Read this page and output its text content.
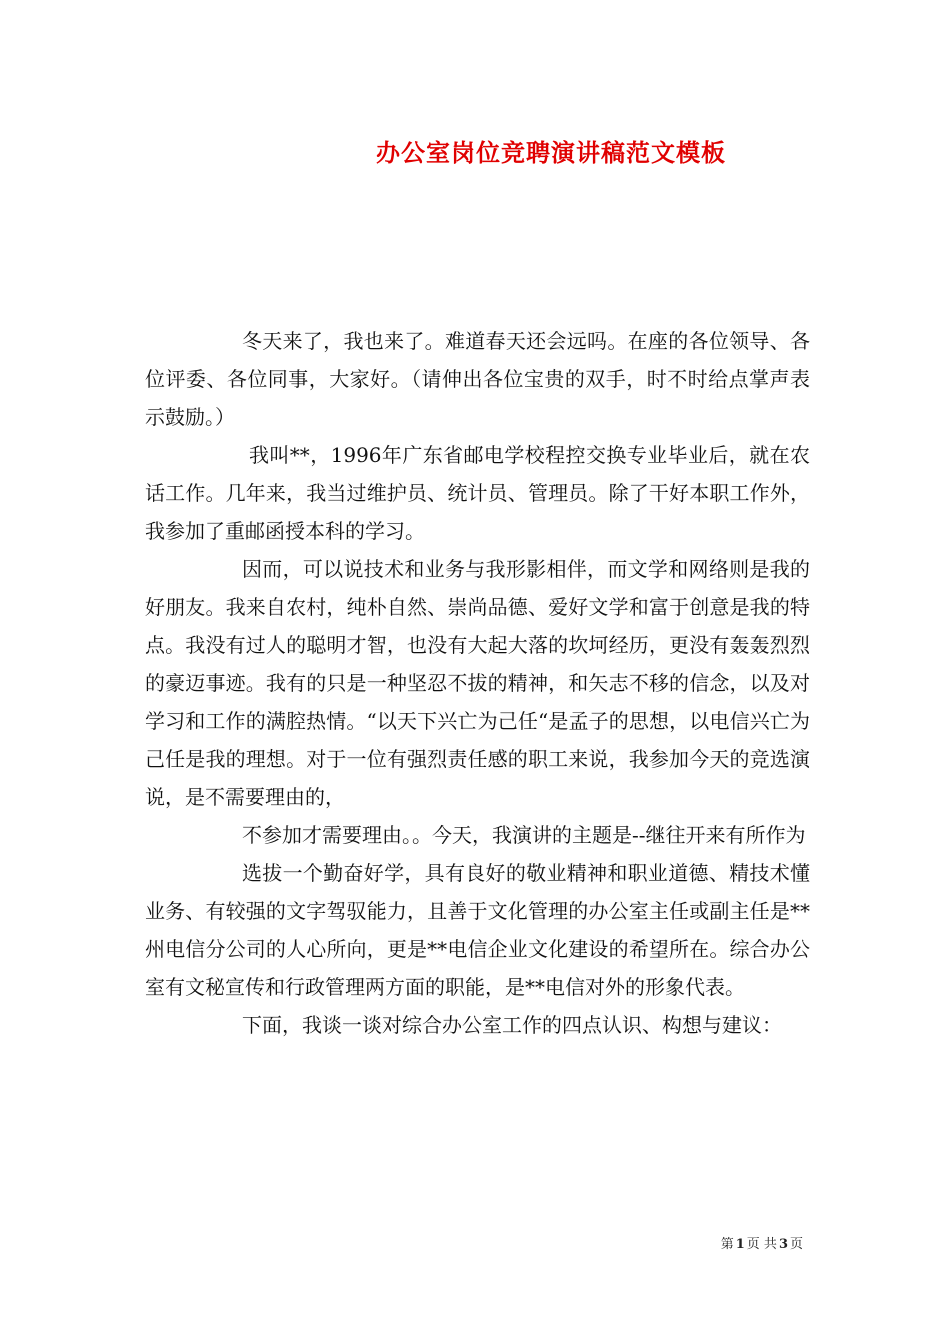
办公室岗位竞聘演讲稿范文模板

冬天来了，我也来了。难道春天还会远吗。在座的各位领导、各位评委、各位同事，大家好。（请伸出各位宝贵的双手，时不时给点掌声表示鼓励。）

我叫**，1996年广东省邮电学校程控交换专业毕业后，就在农话工作。几年来，我当过维护员、统计员、管理员。除了干好本职工作外，我参加了重邮函授本科的学习。

因而，可以说技术和业务与我形影相伴，而文学和网络则是我的好朋友。我来自农村，纯朴自然、崇尚品德、爱好文学和富于创意是我的特点。我没有过人的聪明才智，也没有大起大落的坎坷经历，更没有轰轰烈烈的豪迈事迹。我有的只是一种坚忍不拔的精神，和矢志不移的信念，以及对学习和工作的满腔热情。“以天下兴亡为己任“是孟子的思想，以电信兴亡为己任是我的理想。对于一位有强烈责任感的职工来说，我参加今天的竞选演说，是不需要理由的，

不参加才需要理由。。今天，我演讲的主题是--继往开来有所作为

选拔一个勤奋好学，具有良好的敬业精神和职业道德、精技术懂业务、有较强的文字驾驭能力，且善于文化管理的办公室主任或副主任是**州电信分公司的人心所向，更是**电信企业文化建设的希望所在。综合办公室有文秘宣传和行政管理两方面的职能，是**电信对外的形象代表。

下面，我谈一谈对综合办公室工作的四点认识、构想与建议：

第 1 页 共 3 页
